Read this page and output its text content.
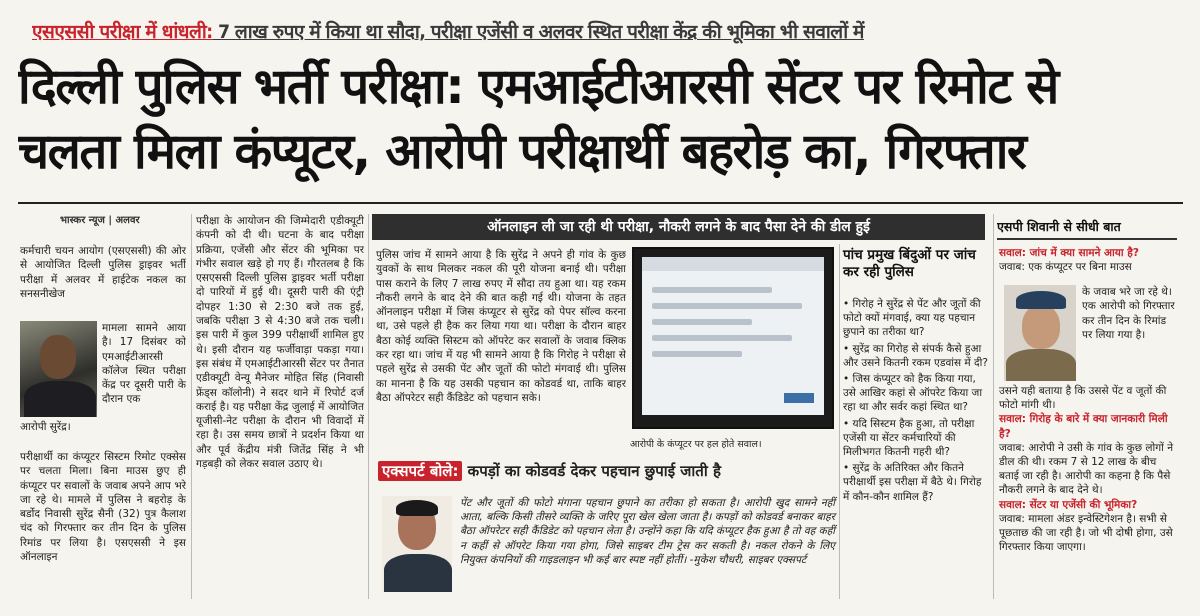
एसएससी परीक्षा में धांधली: 7 लाख रुपए में किया था सौदा, परीक्षा एजेंसी व अलवर स्थित परीक्षा केंद्र की भूमिका भी सवालों में
दिल्ली पुलिस भर्ती परीक्षा: एमआईटीआरसी सेंटर पर रिमोट से
चलता मिला कंप्यूटर, आरोपी परीक्षार्थी बहरोड़ का, गिरफ्तार
भास्कर न्यूज | अलवर
कर्मचारी चयन आयोग (एसएससी) की ओर से आयोजित दिल्ली पुलिस ड्राइवर भर्ती परीक्षा में अलवर में हाईटेक नकल का सनसनीखेज
मामला सामने आया है। 17 दिसंबर को एमआईटीआरसी कॉलेज स्थित परीक्षा केंद्र पर दूसरी पारी के दौरान एक
आरोपी सुरेंद्र।
परीक्षार्थी का कंप्यूटर सिस्टम रिमोट एक्सेस पर चलता मिला। बिना माउस छुए ही कंप्यूटर पर सवालों के जवाब अपने आप भरे जा रहे थे। मामले में पुलिस ने बहरोड़ के बर्डोद निवासी सुरेंद्र सैनी (32) पुत्र कैलाश चंद को गिरफ्तार कर तीन दिन के पुलिस रिमांड पर लिया है। एसएससी ने इस ऑनलाइन
परीक्षा के आयोजन की जिम्मेदारी एडीक्यूटी कंपनी को दी थी। घटना के बाद परीक्षा प्रक्रिया, एजेंसी और सेंटर की भूमिका पर गंभीर सवाल खड़े हो गए हैं। गौरतलब है कि एसएससी दिल्ली पुलिस ड्राइवर भर्ती परीक्षा दो पारियों में हुई थी। दूसरी पारी की एंट्री दोपहर 1:30 से 2:30 बजे तक हुई, जबकि परीक्षा 3 से 4:30 बजे तक चली। इस पारी में कुल 399 परीक्षार्थी शामिल हुए थे। इसी दौरान यह फर्जीवाड़ा पकड़ा गया। इस संबंध में एमआईटीआरसी सेंटर पर तैनात एडीक्यूटी वेन्यू मैनेजर मोहित सिंह (निवासी फ्रेंड्स कॉलोनी) ने सदर थाने में रिपोर्ट दर्ज कराई है। यह परीक्षा केंद्र जुलाई में आयोजित यूजीसी-नेट परीक्षा के दौरान भी विवादों में रहा है। उस समय छात्रों ने प्रदर्शन किया था और पूर्व केंद्रीय मंत्री जितेंद्र सिंह ने भी गड़बड़ी को लेकर सवाल उठाए थे।
ऑनलाइन ली जा रही थी परीक्षा, नौकरी लगने के बाद पैसा देने की डील हुई
पुलिस जांच में सामने आया है कि सुरेंद्र ने अपने ही गांव के कुछ युवकों के साथ मिलकर नकल की पूरी योजना बनाई थी। परीक्षा पास कराने के लिए 7 लाख रुपए में सौदा तय हुआ था। यह रकम नौकरी लगने के बाद देने की बात कही गई थी। योजना के तहत ऑनलाइन परीक्षा में जिस कंप्यूटर से सुरेंद्र को पेपर सॉल्व करना था, उसे पहले ही हैक कर लिया गया था। परीक्षा के दौरान बाहर बैठा कोई व्यक्ति सिस्टम को ऑपरेट कर सवालों के जवाब क्लिक कर रहा था। जांच में यह भी सामने आया है कि गिरोह ने परीक्षा से पहले सुरेंद्र से उसकी पेंट और जूतों की फोटो मंगवाई थी। पुलिस का मानना है कि यह उसकी पहचान का कोडवर्ड था, ताकि बाहर बैठा ऑपरेटर सही कैंडिडेट को पहचान सके।
आरोपी के कंप्यूटर पर हल होते सवाल।
पांच प्रमुख बिंदुओं पर जांच कर रही पुलिस

• गिरोह ने सुरेंद्र से पेंट और जूतों की फोटो क्यों मंगवाई, क्या यह पहचान छुपाने का तरीका था?

• सुरेंद्र का गिरोह से संपर्क कैसे हुआ और उसने कितनी रकम एडवांस में दी?

• जिस कंप्यूटर को हैक किया गया, उसे आखिर कहां से ऑपरेट किया जा रहा था और सर्वर कहां स्थित था?

• यदि सिस्टम हैक हुआ, तो परीक्षा एजेंसी या सेंटर कर्मचारियों की मिलीभगत कितनी गहरी थी?

• सुरेंद्र के अतिरिक्त और कितने परीक्षार्थी इस परीक्षा में बैठे थे। गिरोह में कौन-कौन शामिल हैं?

एक्सपर्ट बोले: कपड़ों का कोडवर्ड देकर पहचान छुपाई जाती है
पेंट और जूतों की फोटो मंगाना पहचान छुपाने का तरीका हो सकता है। आरोपी खुद सामने नहीं आता, बल्कि किसी तीसरे व्यक्ति के जरिए पूरा खेल खेला जाता है। कपड़ों को कोडवर्ड बनाकर बाहर बैठा ऑपरेटर सही कैंडिडेट को पहचान लेता है। उन्होंने कहा कि यदि कंप्यूटर हैक हुआ है तो वह कहीं न कहीं से ऑपरेट किया गया होगा, जिसे साइबर टीम ट्रेस कर सकती है। नकल रोकने के लिए नियुक्त कंपनियों की गाइडलाइन भी कई बार स्पष्ट नहीं होतीं। -मुकेश चौधरी, साइबर एक्सपर्ट
एसपी शिवानी से सीधी बात
सवाल: जांच में क्या सामने आया है?
जवाब: एक कंप्यूटर पर बिना माउस
के जवाब भरे जा रहे थे। एक आरोपी को गिरफ्तार कर तीन दिन के रिमांड पर लिया गया है।
उसने यही बताया है कि उससे पेंट व जूतों की फोटो मांगी थी।
सवाल: गिरोह के बारे में क्या जानकारी मिली है?
जवाब: आरोपी ने उसी के गांव के कुछ लोगों ने डील की थी। रकम 7 से 12 लाख के बीच बताई जा रही है। आरोपी का कहना है कि पैसे नौकरी लगने के बाद देने थे।
सवाल: सेंटर या एजेंसी की भूमिका?
जवाब: मामला अंडर इन्वेस्टिगेशन है। सभी से पूछताछ की जा रही है। जो भी दोषी होगा, उसे गिरफ्तार किया जाएगा।
